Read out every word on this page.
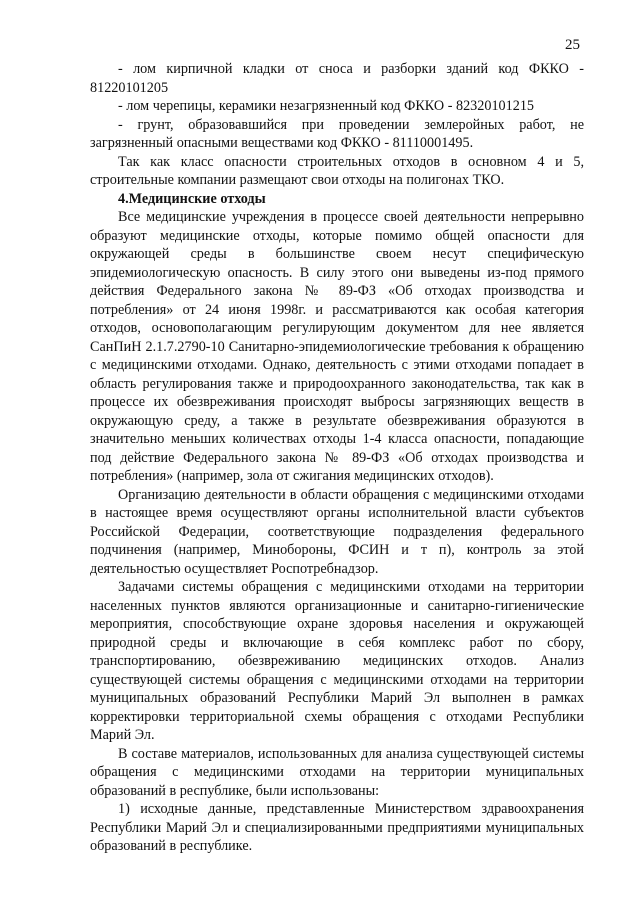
25

- лом кирпичной кладки от сноса и разборки зданий код ФККО - 81220101205

- лом черепицы, керамики незагрязненный код ФККО - 82320101215

- грунт, образовавшийся при проведении землеройных работ, не загрязненный опасными веществами код ФККО - 81110001495.

Так как класс опасности строительных отходов в основном 4 и 5, строительные компании размещают свои отходы на полигонах ТКО.

4.Медицинские отходы

Все медицинские учреждения в процессе своей деятельности непрерывно образуют медицинские отходы, которые помимо общей опасности для окружающей среды в большинстве своем несут специфическую эпидемиологическую опасность. В силу этого они выведены из-под прямого действия Федерального закона № 89-ФЗ «Об отходах производства и потребления» от 24 июня 1998г. и рассматриваются как особая категория отходов, основополагающим регулирующим документом для нее является СанПиН 2.1.7.2790-10 Санитарно-эпидемиологические требования к обращению с медицинскими отходами. Однако, деятельность с этими отходами попадает в область регулирования также и природоохранного законодательства, так как в процессе их обезвреживания происходят выбросы загрязняющих веществ в окружающую среду, а также в результате обезвреживания образуются в значительно меньших количествах отходы 1-4 класса опасности, попадающие под действие Федерального закона № 89-ФЗ «Об отходах производства и потребления» (например, зола от сжигания медицинских отходов).

Организацию деятельности в области обращения с медицинскими отходами в настоящее время осуществляют органы исполнительной власти субъектов Российской Федерации, соответствующие подразделения федерального подчинения (например, Минобороны, ФСИН и т п), контроль за этой деятельностью осуществляет Роспотребнадзор.

Задачами системы обращения с медицинскими отходами на территории населенных пунктов являются организационные и санитарно-гигиенические мероприятия, способствующие охране здоровья населения и окружающей природной среды и включающие в себя комплекс работ по сбору, транспортированию, обезвреживанию медицинских отходов. Анализ существующей системы обращения с медицинскими отходами на территории муниципальных образований Республики Марий Эл выполнен в рамках корректировки территориальной схемы обращения с отходами Республики Марий Эл.

В составе материалов, использованных для анализа существующей системы обращения с медицинскими отходами на территории муниципальных образований в республике, были использованы:

1) исходные данные, представленные Министерством здравоохранения Республики Марий Эл и специализированными предприятиями муниципальных образований в республике.
